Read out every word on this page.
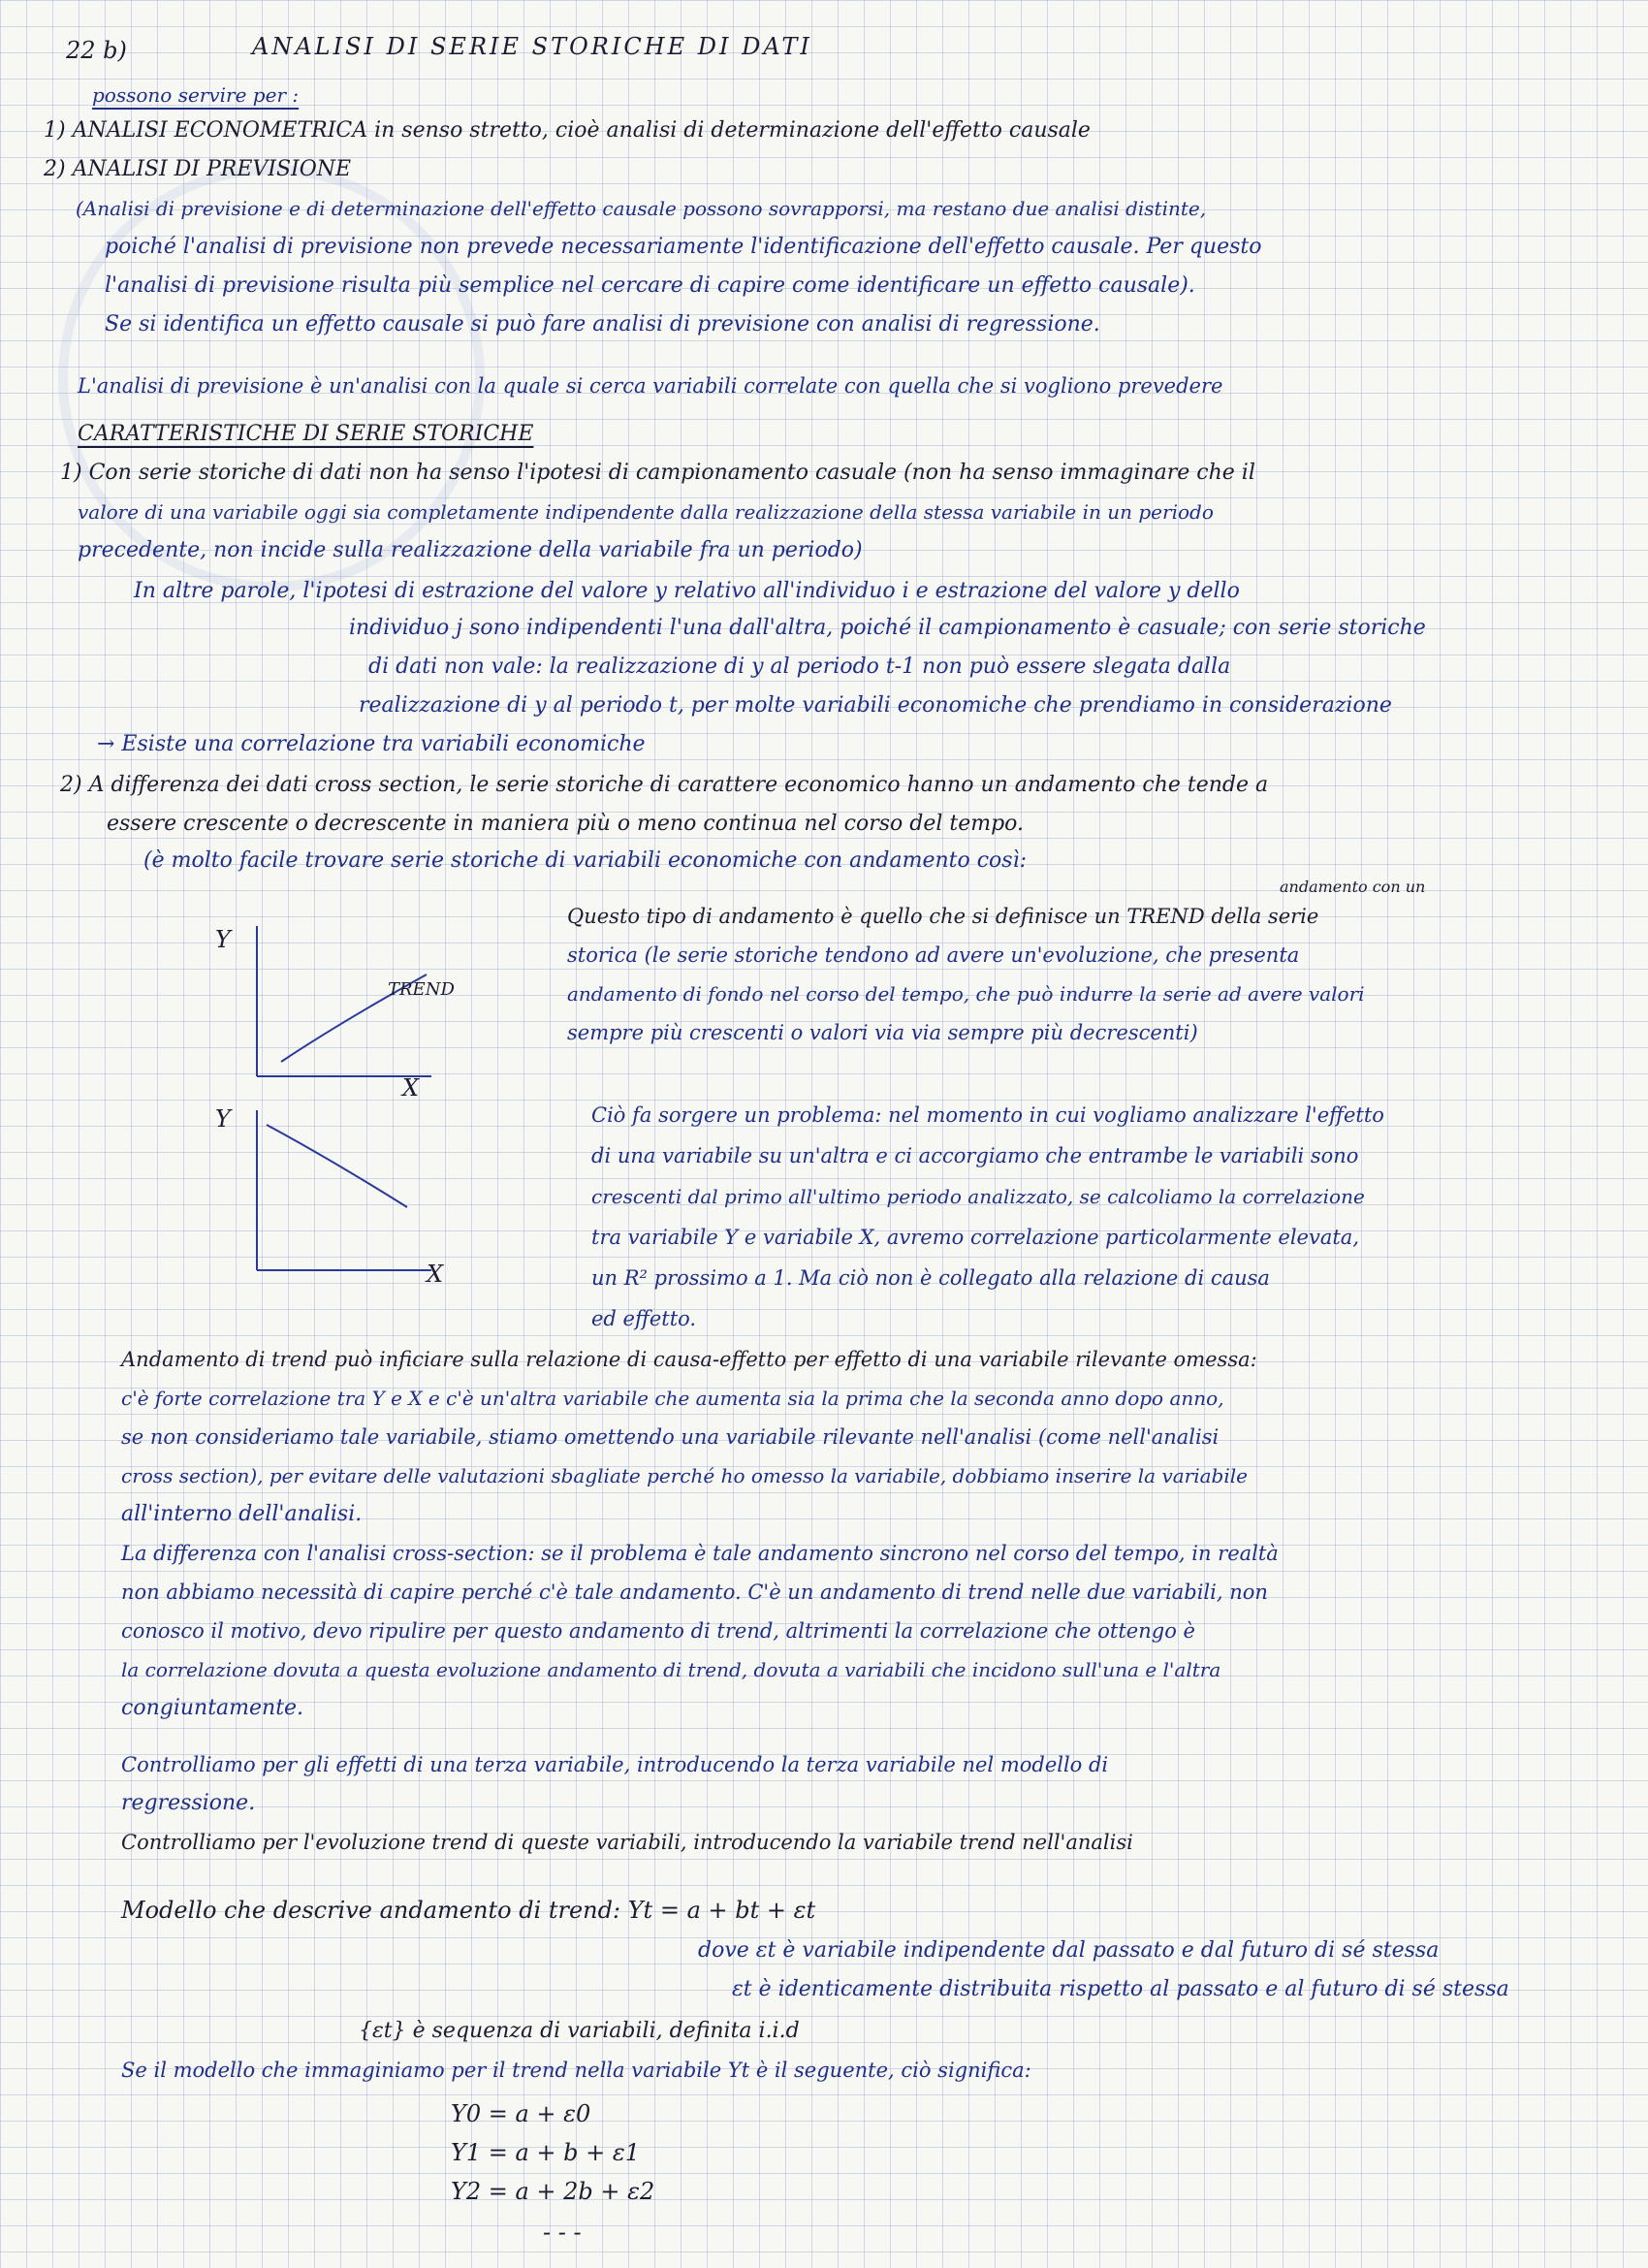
22 b)	ANALISI DI SERIE STORICHE DI DATI

possono servire per :

1) ANALISI ECONOMETRICA in senso stretto, cioè analisi di determinazione dell'effetto causale

2) ANALISI DI PREVISIONE

(Analisi di previsione e di determinazione dell'effetto causale possono sovrapporsi, ma restano due analisi distinte,

poiché l'analisi di previsione non prevede necessariamente l'identificazione dell'effetto causale. Per questo

l'analisi di previsione risulta più semplice nel cercare di capire come identificare un effetto causale).

Se si identifica un effetto causale si può fare analisi di previsione con analisi di regressione.

L'analisi di previsione è un'analisi con la quale si cerca variabili correlate con quella che si vogliono prevedere

CARATTERISTICHE DI SERIE STORICHE

1) Con serie storiche di dati non ha senso l'ipotesi di campionamento casuale (non ha senso immaginare che il

valore di una variabile oggi sia completamente indipendente dalla realizzazione della stessa variabile in un periodo

precedente, non incide sulla realizzazione della variabile fra un periodo)

In altre parole, l'ipotesi di estrazione del valore y relativo all'individuo i e estrazione del valore y dello

individuo j sono indipendenti l'una dall'altra, poiché il campionamento è casuale; con serie storiche

di dati non vale: la realizzazione di y al periodo t-1 non può essere slegata dalla

realizzazione di y al periodo t, per molte variabili economiche che prendiamo in considerazione

→ Esiste una correlazione tra variabili economiche

2) A differenza dei dati cross section, le serie storiche di carattere economico hanno un andamento che tende a

essere crescente o decrescente in maniera più o meno continua nel corso del tempo.

(è molto facile trovare serie storiche di variabili economiche con andamento così:

Y
X
TREND
Y
X

andamento con un

Questo tipo di andamento è quello che si definisce un TREND della serie

storica (le serie storiche tendono ad avere un'evoluzione, che presenta

andamento di fondo nel corso del tempo, che può indurre la serie ad avere valori

sempre più crescenti o valori via via sempre più decrescenti)

Ciò fa sorgere un problema: nel momento in cui vogliamo analizzare l'effetto

di una variabile su un'altra e ci accorgiamo che entrambe le variabili sono

crescenti dal primo all'ultimo periodo analizzato, se calcoliamo la correlazione

tra variabile Y e variabile X, avremo correlazione particolarmente elevata,

un R² prossimo a 1. Ma ciò non è collegato alla relazione di causa

ed effetto.

Andamento di trend può inficiare sulla relazione di causa-effetto per effetto di una variabile rilevante omessa:

c'è forte correlazione tra Y e X e c'è un'altra variabile che aumenta sia la prima che la seconda anno dopo anno,

se non consideriamo tale variabile, stiamo omettendo una variabile rilevante nell'analisi (come nell'analisi

cross section), per evitare delle valutazioni sbagliate perché ho omesso la variabile, dobbiamo inserire la variabile

all'interno dell'analisi.

La differenza con l'analisi cross-section: se il problema è tale andamento sincrono nel corso del tempo, in realtà

non abbiamo necessità di capire perché c'è tale andamento. C'è un andamento di trend nelle due variabili, non

conosco il motivo, devo ripulire per questo andamento di trend, altrimenti la correlazione che ottengo è

la correlazione dovuta a questa evoluzione andamento di trend, dovuta a variabili che incidono sull'una e l'altra

congiuntamente.

Controlliamo per gli effetti di una terza variabile, introducendo la terza variabile nel modello di

regressione.

Controlliamo per l'evoluzione trend di queste variabili, introducendo la variabile trend nell'analisi

Modello che descrive andamento di trend: Yt = a + bt + εt

dove εt è variabile indipendente dal passato e dal futuro di sé stessa

εt è identicamente distribuita rispetto al passato e al futuro di sé stessa

{εt} è sequenza di variabili, definita i.i.d

Se il modello che immaginiamo per il trend nella variabile Yt è il seguente, ciò significa:

Y0 = a + ε0

Y1 = a + b + ε1

Y2 = a + 2b + ε2

- - -
